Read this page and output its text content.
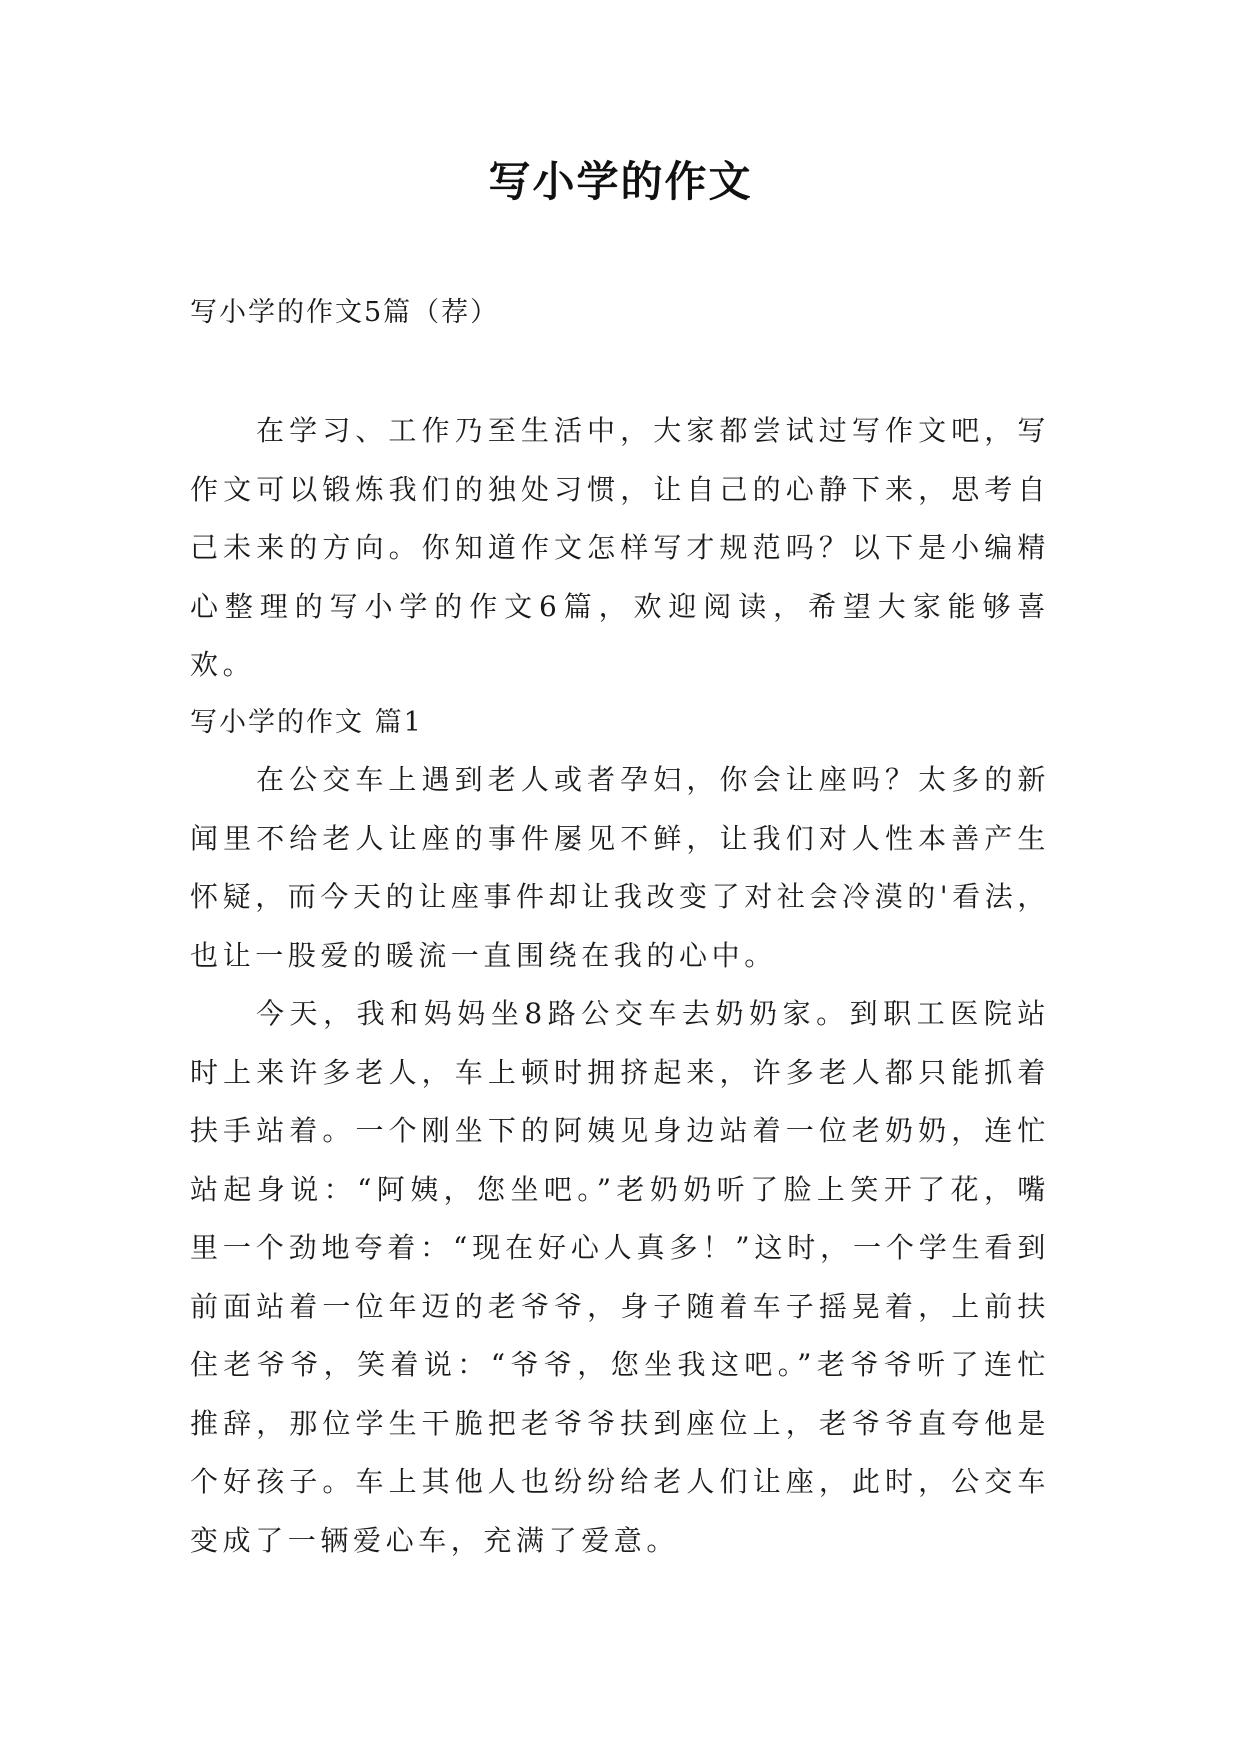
写小学的作文

写小学的作文5篇（荐）

在学习、工作乃至生活中，大家都尝试过写作文吧，写作文可以锻炼我们的独处习惯，让自己的心静下来，思考自己未来的方向。你知道作文怎样写才规范吗？以下是小编精心整理的写小学的作文6篇，欢迎阅读，希望大家能够喜欢。

写小学的作文 篇1

在公交车上遇到老人或者孕妇，你会让座吗？太多的新闻里不给老人让座的事件屡见不鲜，让我们对人性本善产生怀疑，而今天的让座事件却让我改变了对社会冷漠的'看法，也让一股爱的暖流一直围绕在我的心中。

今天，我和妈妈坐8路公交车去奶奶家。到职工医院站时上来许多老人，车上顿时拥挤起来，许多老人都只能抓着扶手站着。一个刚坐下的阿姨见身边站着一位老奶奶，连忙站起身说：“阿姨，您坐吧。”老奶奶听了脸上笑开了花，嘴里一个劲地夸着：“现在好心人真多！”这时，一个学生看到前面站着一位年迈的老爷爷，身子随着车子摇晃着，上前扶住老爷爷，笑着说：“爷爷，您坐我这吧。”老爷爷听了连忙推辞，那位学生干脆把老爷爷扶到座位上，老爷爷直夸他是个好孩子。车上其他人也纷纷给老人们让座，此时，公交车变成了一辆爱心车，充满了爱意。
